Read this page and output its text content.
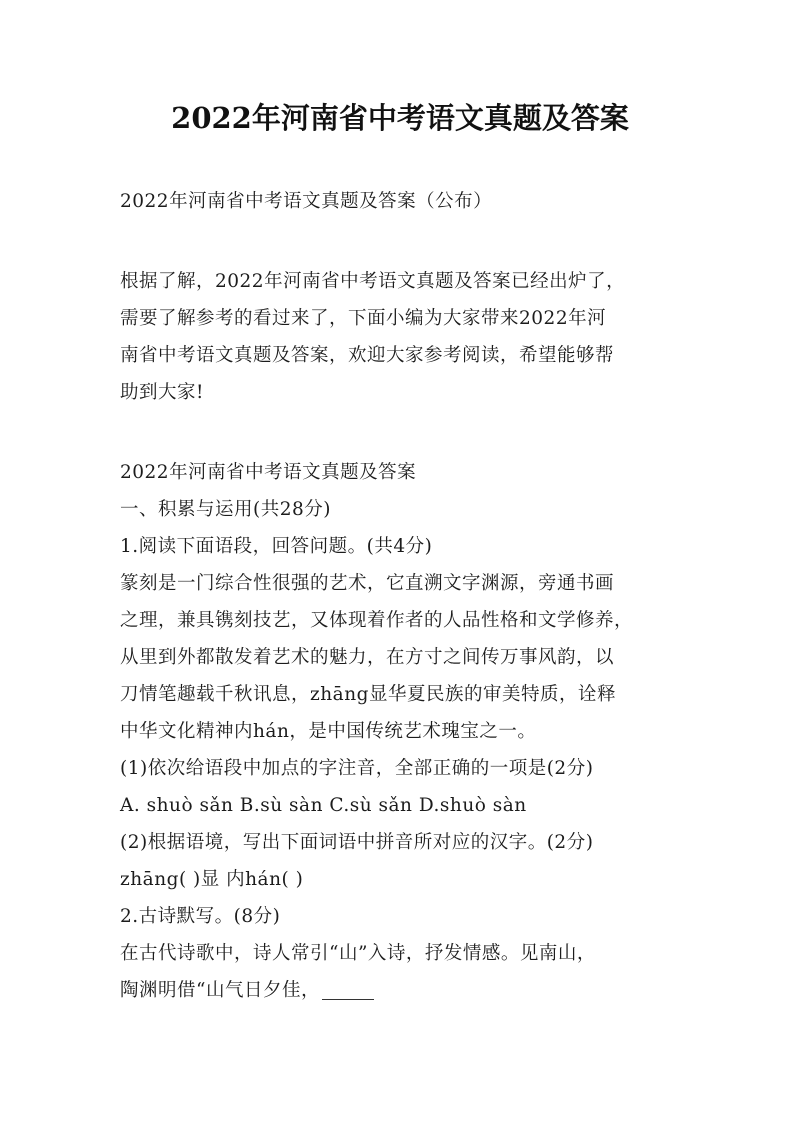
2022年河南省中考语文真题及答案
2022年河南省中考语文真题及答案（公布）
根据了解，2022年河南省中考语文真题及答案已经出炉了，
需要了解参考的看过来了，下面小编为大家带来2022年河
南省中考语文真题及答案，欢迎大家参考阅读，希望能够帮
助到大家!
2022年河南省中考语文真题及答案
一、积累与运用(共28分)
1.阅读下面语段，回答问题。(共4分)
篆刻是一门综合性很强的艺术，它直溯文字渊源，旁通书画
之理，兼具镌刻技艺，又体现着作者的人品性格和文学修养，
从里到外都散发着艺术的魅力，在方寸之间传万事风韵，以
刀情笔趣载千秋讯息，zhāng显华夏民族的审美特质，诠释
中华文化精神内hán，是中国传统艺术瑰宝之一。
(1)依次给语段中加点的字注音，全部正确的一项是(2分)
A. shuò sǎn B.sù sàn C.sù sǎn D.shuò sàn
(2)根据语境，写出下面词语中拼音所对应的汉字。(2分)
zhāng( )显 内hán( )
2.古诗默写。(8分)
在古代诗歌中，诗人常引“山”入诗，抒发情感。见南山，
陶渊明借“山气日夕佳，
